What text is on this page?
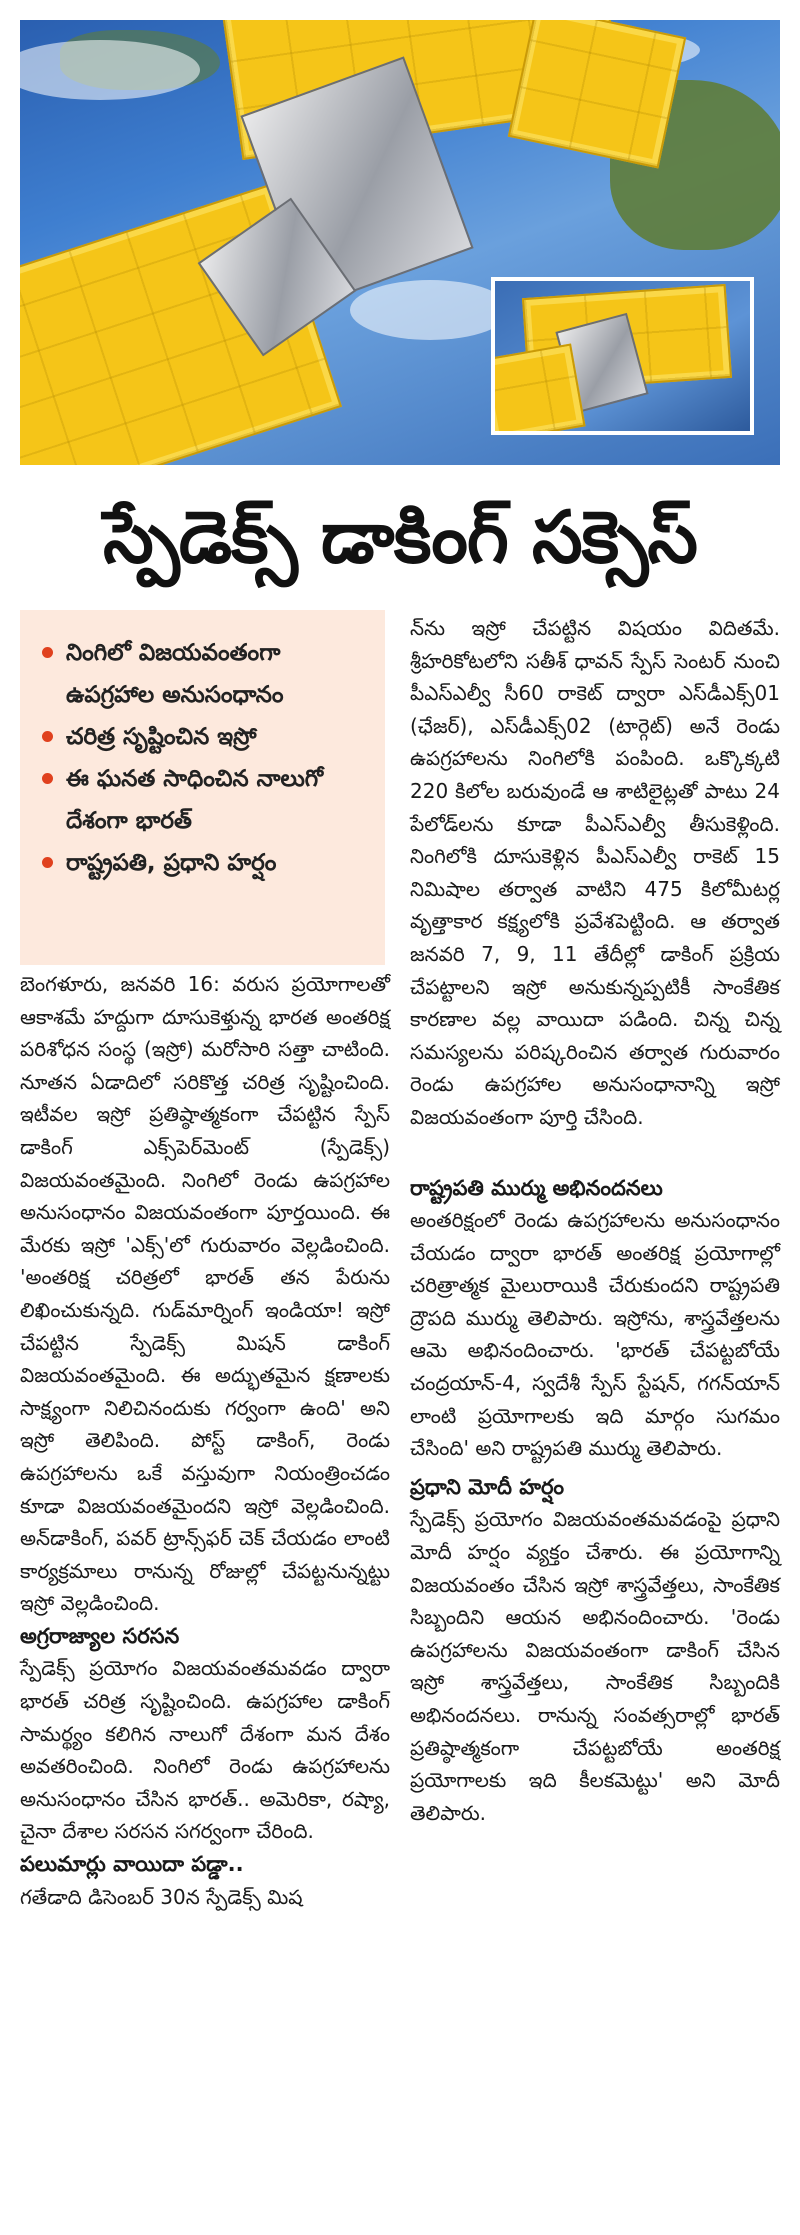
స్పేడెక్స్ డాకింగ్ సక్సెస్
నింగిలో విజయవంతంగా ఉపగ్రహాల అనుసంధానం
చరిత్ర సృష్టించిన ఇస్రో
ఈ ఘనత సాధించిన నాలుగో దేశంగా భారత్
రాష్ట్రపతి, ప్రధాని హర్షం

బెంగళూరు, జనవరి 16: వరుస ప్రయోగాలతో ఆకాశమే హద్దుగా దూసుకెళ్తున్న భారత అంతరిక్ష పరిశోధన సంస్థ (ఇస్రో) మరోసారి సత్తా చాటింది. నూతన ఏడాదిలో సరికొత్త చరిత్ర సృష్టించింది. ఇటీవల ఇస్రో ప్రతిష్ఠాత్మకంగా చేపట్టిన స్పేస్ డాకింగ్ ఎక్స్‌పెర్‌మెంట్ (స్పేడెక్స్) విజయవంతమైంది. నింగిలో రెండు ఉపగ్రహాల అనుసంధానం విజయవంతంగా పూర్తయింది. ఈ మేరకు ఇస్రో 'ఎక్స్'లో గురువారం వెల్లడించింది. 'అంతరిక్ష చరిత్రలో భారత్ తన పేరును లిఖించుకున్నది. గుడ్‌మార్నింగ్ ఇండియా! ఇస్రో చేపట్టిన స్పేడెక్స్ మిషన్ డాకింగ్ విజయవంతమైంది. ఈ అద్భుతమైన క్షణాలకు సాక్ష్యంగా నిలిచినందుకు గర్వంగా ఉంది' అని ఇస్రో తెలిపింది. పోస్ట్ డాకింగ్, రెండు ఉపగ్రహాలను ఒకే వస్తువుగా నియంత్రించడం కూడా విజయవంతమైందని ఇస్రో వెల్లడించింది. అన్‌డాకింగ్, పవర్ ట్రాన్స్‌ఫర్ చెక్ చేయడం లాంటి కార్యక్రమాలు రానున్న రోజుల్లో చేపట్టనున్నట్టు ఇస్రో వెల్లడించింది.

అగ్రరాజ్యాల సరసన

స్పేడెక్స్ ప్రయోగం విజయవంతమవడం ద్వారా భారత్ చరిత్ర సృష్టించింది. ఉపగ్రహాల డాకింగ్ సామర్థ్యం కలిగిన నాలుగో దేశంగా మన దేశం అవతరించింది. నింగిలో రెండు ఉపగ్రహాలను అనుసంధానం చేసిన భారత్.. అమెరికా, రష్యా, చైనా దేశాల సరసన సగర్వంగా చేరింది.

పలుమార్లు వాయిదా పడ్డా..

గతేడాది డిసెంబర్ 30న స్పేడెక్స్ మిష

న్‌ను ఇస్రో చేపట్టిన విషయం విదితమే. శ్రీహరికోటలోని సతీశ్ ధావన్ స్పేస్ సెంటర్ నుంచి పీఎస్‌ఎల్వీ సీ60 రాకెట్ ద్వారా ఎస్‌డీఎక్స్01 (ఛేజర్), ఎస్‌డీఎక్స్02 (టార్గెట్) అనే రెండు ఉపగ్రహాలను నింగిలోకి పంపింది. ఒక్కొక్కటి 220 కిలోల బరువుండే ఆ శాటిలైట్లతో పాటు 24 పేలోడ్‌లను కూడా పీఎస్‌ఎల్వీ తీసుకెళ్లింది. నింగిలోకి దూసుకెళ్లిన పీఎస్‌ఎల్వీ రాకెట్ 15 నిమిషాల తర్వాత వాటిని 475 కిలోమీటర్ల వృత్తాకార కక్ష్యలోకి ప్రవేశపెట్టింది. ఆ తర్వాత జనవరి 7, 9, 11 తేదీల్లో డాకింగ్ ప్రక్రియ చేపట్టాలని ఇస్రో అనుకున్నప్పటికీ సాంకేతిక కారణాల వల్ల వాయిదా పడింది. చిన్న చిన్న సమస్యలను పరిష్కరించిన తర్వాత గురువారం రెండు ఉపగ్రహాల అనుసంధానాన్ని ఇస్రో విజయవంతంగా పూర్తి చేసింది.

రాష్ట్రపతి ముర్ము అభినందనలు

అంతరిక్షంలో రెండు ఉపగ్రహాలను అనుసంధానం చేయడం ద్వారా భారత్ అంతరిక్ష ప్రయోగాల్లో చరిత్రాత్మక మైలురాయికి చేరుకుందని రాష్ట్రపతి ద్రౌపది ముర్ము తెలిపారు. ఇస్రోను, శాస్త్రవేత్తలను ఆమె అభినందించారు. 'భారత్ చేపట్టబోయే చంద్రయాన్-4, స్వదేశీ స్పేస్ స్టేషన్, గగన్‌యాన్ లాంటి ప్రయోగాలకు ఇది మార్గం సుగమం చేసింది' అని రాష్ట్రపతి ముర్ము తెలిపారు.

ప్రధాని మోదీ హర్షం

స్పేడెక్స్ ప్రయోగం విజయవంతమవడంపై ప్రధాని మోదీ హర్షం వ్యక్తం చేశారు. ఈ ప్రయోగాన్ని విజయవంతం చేసిన ఇస్రో శాస్త్రవేత్తలు, సాంకేతిక సిబ్బందిని ఆయన అభినందించారు. 'రెండు ఉపగ్రహాలను విజయవంతంగా డాకింగ్ చేసిన ఇస్రో శాస్త్రవేత్తలు, సాంకేతిక సిబ్బందికి అభినందనలు. రానున్న సంవత్సరాల్లో భారత్ ప్రతిష్ఠాత్మకంగా చేపట్టబోయే అంతరిక్ష ప్రయోగాలకు ఇది కీలకమెట్టు' అని మోదీ తెలిపారు.
